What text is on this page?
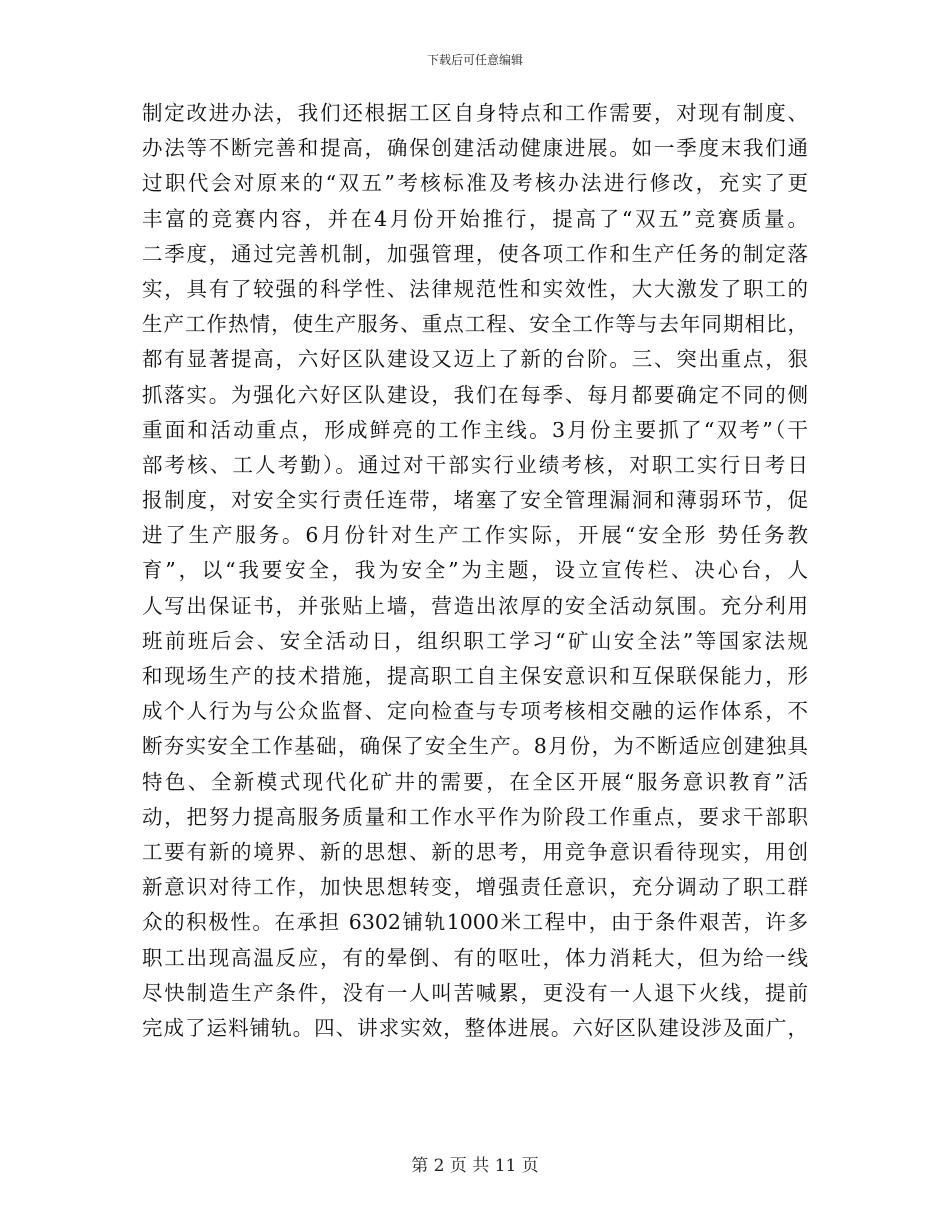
下载后可任意编辑
制定改进办法，我们还根据工区自身特点和工作需要，对现有制度、
办法等不断完善和提高，确保创建活动健康进展。如一季度末我们通
过职代会对原来的“双五”考核标准及考核办法进行修改，充实了更
丰富的竞赛内容，并在4月份开始推行，提高了“双五”竞赛质量。
二季度，通过完善机制，加强管理，使各项工作和生产任务的制定落
实，具有了较强的科学性、法律规范性和实效性，大大激发了职工的
生产工作热情，使生产服务、重点工程、安全工作等与去年同期相比，
都有显著提高，六好区队建设又迈上了新的台阶。三、突出重点，狠
抓落实。为强化六好区队建设，我们在每季、每月都要确定不同的侧
重面和活动重点，形成鲜亮的工作主线。3月份主要抓了“双考”（干
部考核、工人考勤）。通过对干部实行业绩考核，对职工实行日考日
报制度，对安全实行责任连带，堵塞了安全管理漏洞和薄弱环节，促
进了生产服务。6月份针对生产工作实际，开展“安全形 势任务教
育”，以“我要安全，我为安全”为主题，设立宣传栏、决心台，人
人写出保证书，并张贴上墙，营造出浓厚的安全活动氛围。充分利用
班前班后会、安全活动日，组织职工学习“矿山安全法”等国家法规
和现场生产的技术措施，提高职工自主保安意识和互保联保能力，形
成个人行为与公众监督、定向检查与专项考核相交融的运作体系，不
断夯实安全工作基础，确保了安全生产。8月份，为不断适应创建独具
特色、全新模式现代化矿井的需要，在全区开展“服务意识教育”活
动，把努力提高服务质量和工作水平作为阶段工作重点，要求干部职
工要有新的境界、新的思想、新的思考，用竞争意识看待现实，用创
新意识对待工作，加快思想转变，增强责任意识，充分调动了职工群
众的积极性。在承担 6302铺轨1000米工程中，由于条件艰苦，许多
职工出现高温反应，有的晕倒、有的呕吐，体力消耗大，但为给一线
尽快制造生产条件，没有一人叫苦喊累，更没有一人退下火线，提前
完成了运料铺轨。四、讲求实效，整体进展。六好区队建设涉及面广，
第 2 页 共 11 页
